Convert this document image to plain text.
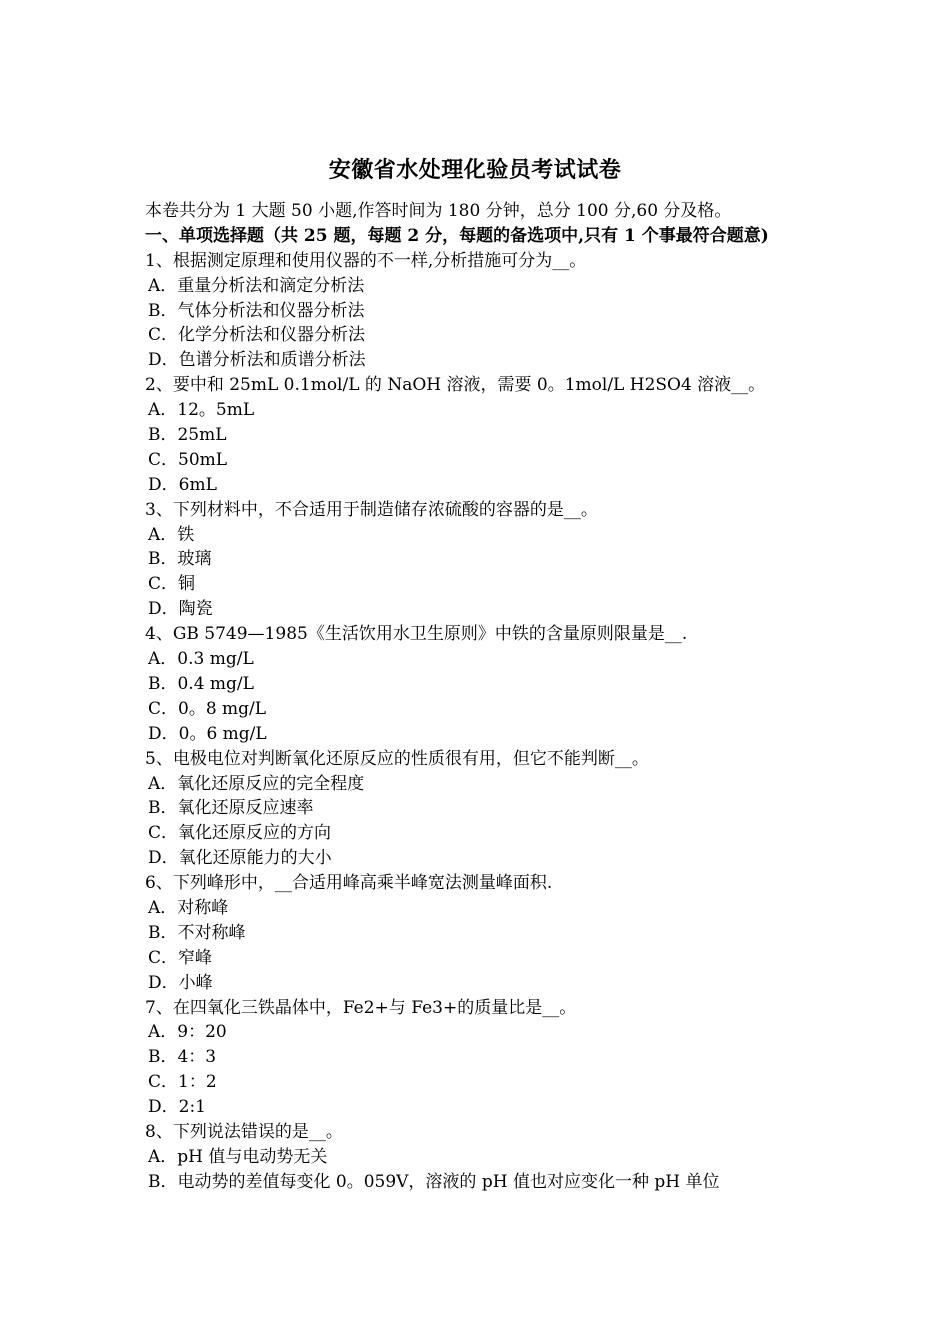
安徽省水处理化验员考试试卷
本卷共分为 1 大题 50 小题,作答时间为 180 分钟，总分 100 分,60 分及格。
一、单项选择题（共 25 题，每题 2 分，每题的备选项中,只有 1 个事最符合题意)
1、根据测定原理和使用仪器的不一样,分析措施可分为__。
A．重量分析法和滴定分析法
B．气体分析法和仪器分析法
C．化学分析法和仪器分析法
D．色谱分析法和质谱分析法
2、要中和 25mL 0.1mol/L 的 NaOH 溶液，需要 0。1mol/L H2SO4 溶液__。
A．12。5mL
B．25mL
C．50mL
D．6mL
3、下列材料中，不合适用于制造储存浓硫酸的容器的是__。
A．铁
B．玻璃
C．铜
D．陶瓷
4、GB 5749—1985《生活饮用水卫生原则》中铁的含量原则限量是__.
A．0.3 mg/L
B．0.4 mg/L
C．0。8 mg/L
D．0。6 mg/L
5、电极电位对判断氧化还原反应的性质很有用，但它不能判断__。
A．氧化还原反应的完全程度
B．氧化还原反应速率
C．氧化还原反应的方向
D．氧化还原能力的大小
6、下列峰形中，__合适用峰高乘半峰宽法测量峰面积.
A．对称峰
B．不对称峰
C．窄峰
D．小峰
7、在四氧化三铁晶体中，Fe2+与 Fe3+的质量比是__。
A．9：20
B．4：3
C．1：2
D．2:1
8、下列说法错误的是__。
A．pH 值与电动势无关
B．电动势的差值每变化 0。059V，溶液的 pH 值也对应变化一种 pH 单位
